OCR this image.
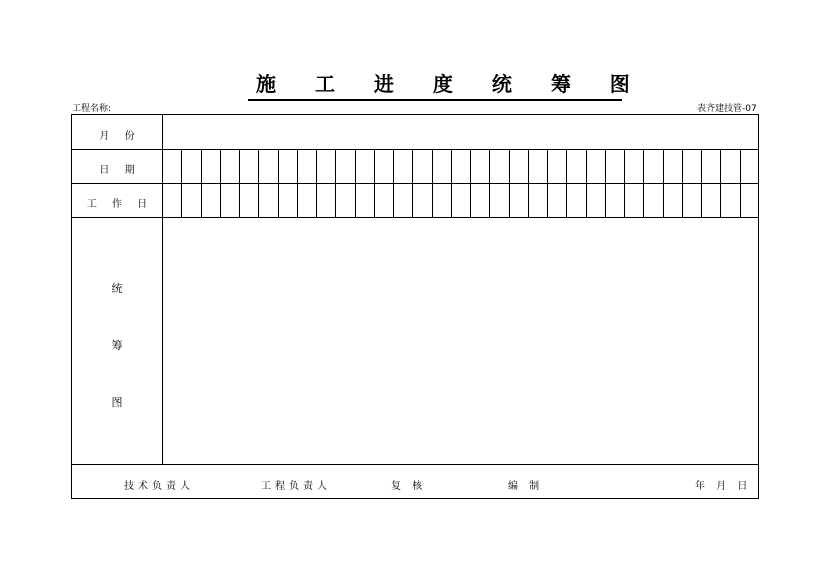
施 工 进 度 统 筹 图
工程名称:	表齐建技管-07
月 份
日 期
工 作 日
统
筹
图
技术负责人	工程负责人	复 核	编 制	年 月 日
